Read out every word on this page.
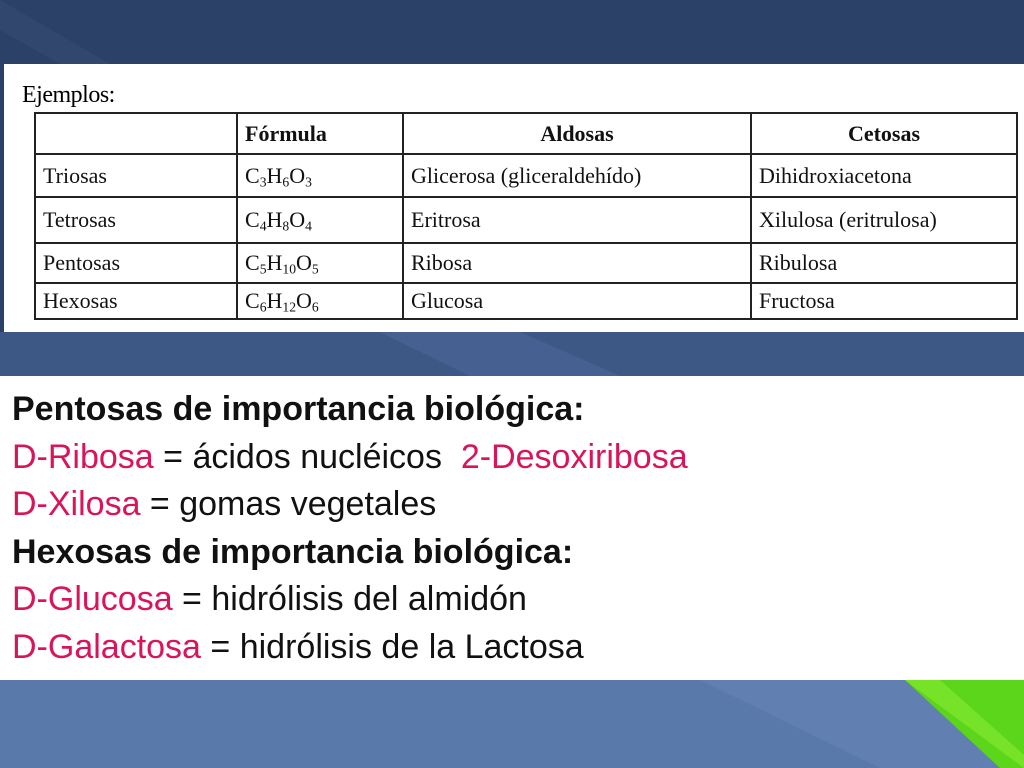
Ejemplos:
	Fórmula	Aldosas	Cetosas
Triosas	$C_3H_6O_3$	Glicerosa (gliceraldehído)	Dihidroxiacetona
Tetrosas	$C_4H_8O_4$	Eritrosa	Xilulosa (eritrulosa)
Pentosas	$C_5H_{10}O_5$	Ribosa	Ribulosa
Hexosas	$C_6H_{12}O_6$	Glucosa	Fructosa
Pentosas de importancia biológica:
D-Ribosa = ácidos nucléicos  2-Desoxiribosa
D-Xilosa = gomas vegetales
Hexosas de importancia biológica:
D-Glucosa = hidrólisis del almidón
D-Galactosa = hidrólisis de la Lactosa
